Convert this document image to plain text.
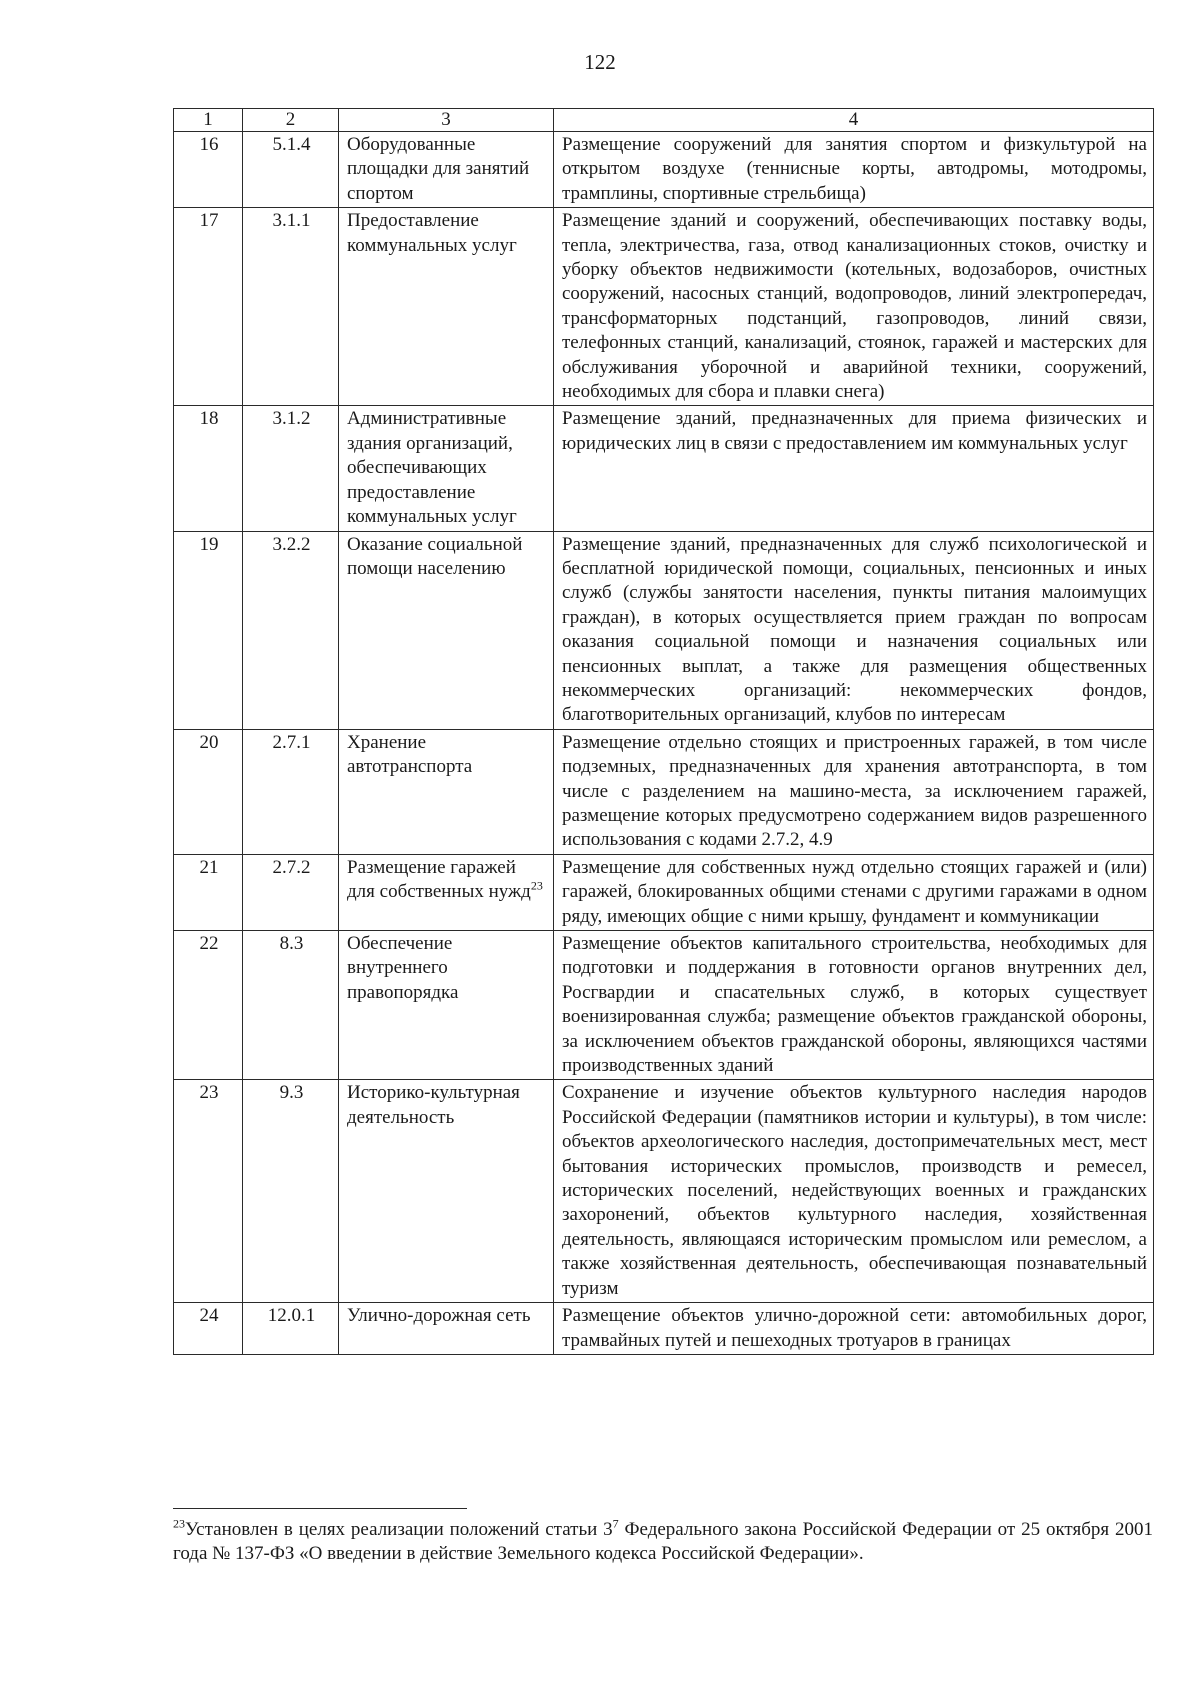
122
1	2	3	4
16	5.1.4	Оборудованные площадки для занятий спортом	Размещение сооружений для занятия спортом и физкультурой на открытом воздухе (теннисные корты, автодромы, мотодромы, трамплины, спортивные стрельбища)
17	3.1.1	Предоставление коммунальных услуг	Размещение зданий и сооружений, обеспечивающих поставку воды, тепла, электричества, газа, отвод канализационных стоков, очистку и уборку объектов недвижимости (котельных, водозаборов, очистных сооружений, насосных станций, водопроводов, линий электропередач, трансформаторных подстанций, газопроводов, линий связи, телефонных станций, канализаций, стоянок, гаражей и мастерских для обслуживания уборочной и аварийной техники, сооружений, необходимых для сбора и плавки снега)
18	3.1.2	Административные здания организаций, обеспечивающих предоставление коммунальных услуг	Размещение зданий, предназначенных для приема физических и юридических лиц в связи с предоставлением им коммунальных услуг
19	3.2.2	Оказание социальной помощи населению	Размещение зданий, предназначенных для служб психологической и бесплатной юридической помощи, социальных, пенсионных и иных служб (службы занятости населения, пункты питания малоимущих граждан), в которых осуществляется прием граждан по вопросам оказания социальной помощи и назначения социальных или пенсионных выплат, а также для размещения общественных некоммерческих организаций: некоммерческих фондов, благотворительных организаций, клубов по интересам
20	2.7.1	Хранение автотранспорта	Размещение отдельно стоящих и пристроенных гаражей, в том числе подземных, предназначенных для хранения автотранспорта, в том числе с разделением на машино-места, за исключением гаражей, размещение которых предусмотрено содержанием видов разрешенного использования с кодами 2.7.2, 4.9
21	2.7.2	Размещение гаражей для собственных нужд$^{23}$	Размещение для собственных нужд отдельно стоящих гаражей и (или) гаражей, блокированных общими стенами с другими гаражами в одном ряду, имеющих общие с ними крышу, фундамент и коммуникации
22	8.3	Обеспечение внутреннего правопорядка	Размещение объектов капитального строительства, необходимых для подготовки и поддержания в готовности органов внутренних дел, Росгвардии и спасательных служб, в которых существует военизированная служба; размещение объектов гражданской обороны, за исключением объектов гражданской обороны, являющихся частями производственных зданий
23	9.3	Историко-культурная деятельность	Сохранение и изучение объектов культурного наследия народов Российской Федерации (памятников истории и культуры), в том числе: объектов археологического наследия, достопримечательных мест, мест бытования исторических промыслов, производств и ремесел, исторических поселений, недействующих военных и гражданских захоронений, объектов культурного наследия, хозяйственная деятельность, являющаяся историческим промыслом или ремеслом, а также хозяйственная деятельность, обеспечивающая познавательный туризм
24	12.0.1	Улично-дорожная сеть	Размещение объектов улично-дорожной сети: автомобильных дорог, трамвайных путей и пешеходных тротуаров в границах
$^{23}$Установлен в целях реализации положений статьи $3^7$ Федерального закона Российской Федерации от 25 октября 2001 года № 137-ФЗ «О введении в действие Земельного кодекса Российской Федерации».
